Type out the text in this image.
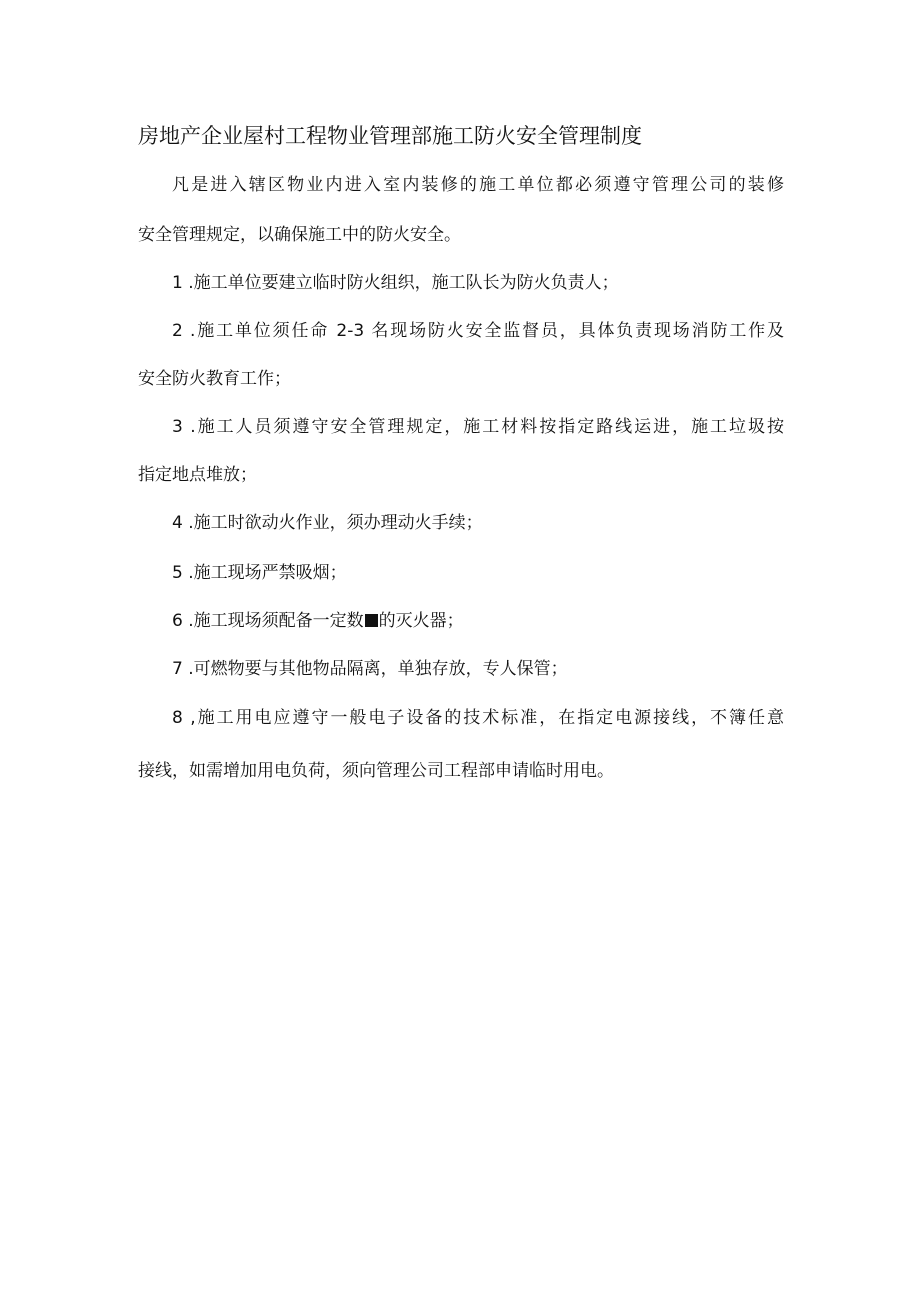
房地产企业屋村工程物业管理部施工防火安全管理制度
凡是进入辖区物业内进入室内装修的施工单位都必须遵守管理公司的装修
安全管理规定，以确保施工中的防火安全。
1 .施工单位要建立临时防火组织，施工队长为防火负责人；
2 .施工单位须任命 2-3 名现场防火安全监督员，具体负责现场消防工作及
安全防火教育工作；
3 .施工人员须遵守安全管理规定，施工材料按指定路线运进，施工垃圾按
指定地点堆放；
4 .施工时欲动火作业，须办理动火手续；
5 .施工现场严禁吸烟；
6 .施工现场须配备一定数 的灭火器；
7 .可燃物要与其他物品隔离，单独存放，专人保管；
8 ,施工用电应遵守一般电子设备的技术标准，在指定电源接线，不簿任意
接线，如需增加用电负荷，须向管理公司工程部申请临时用电。
